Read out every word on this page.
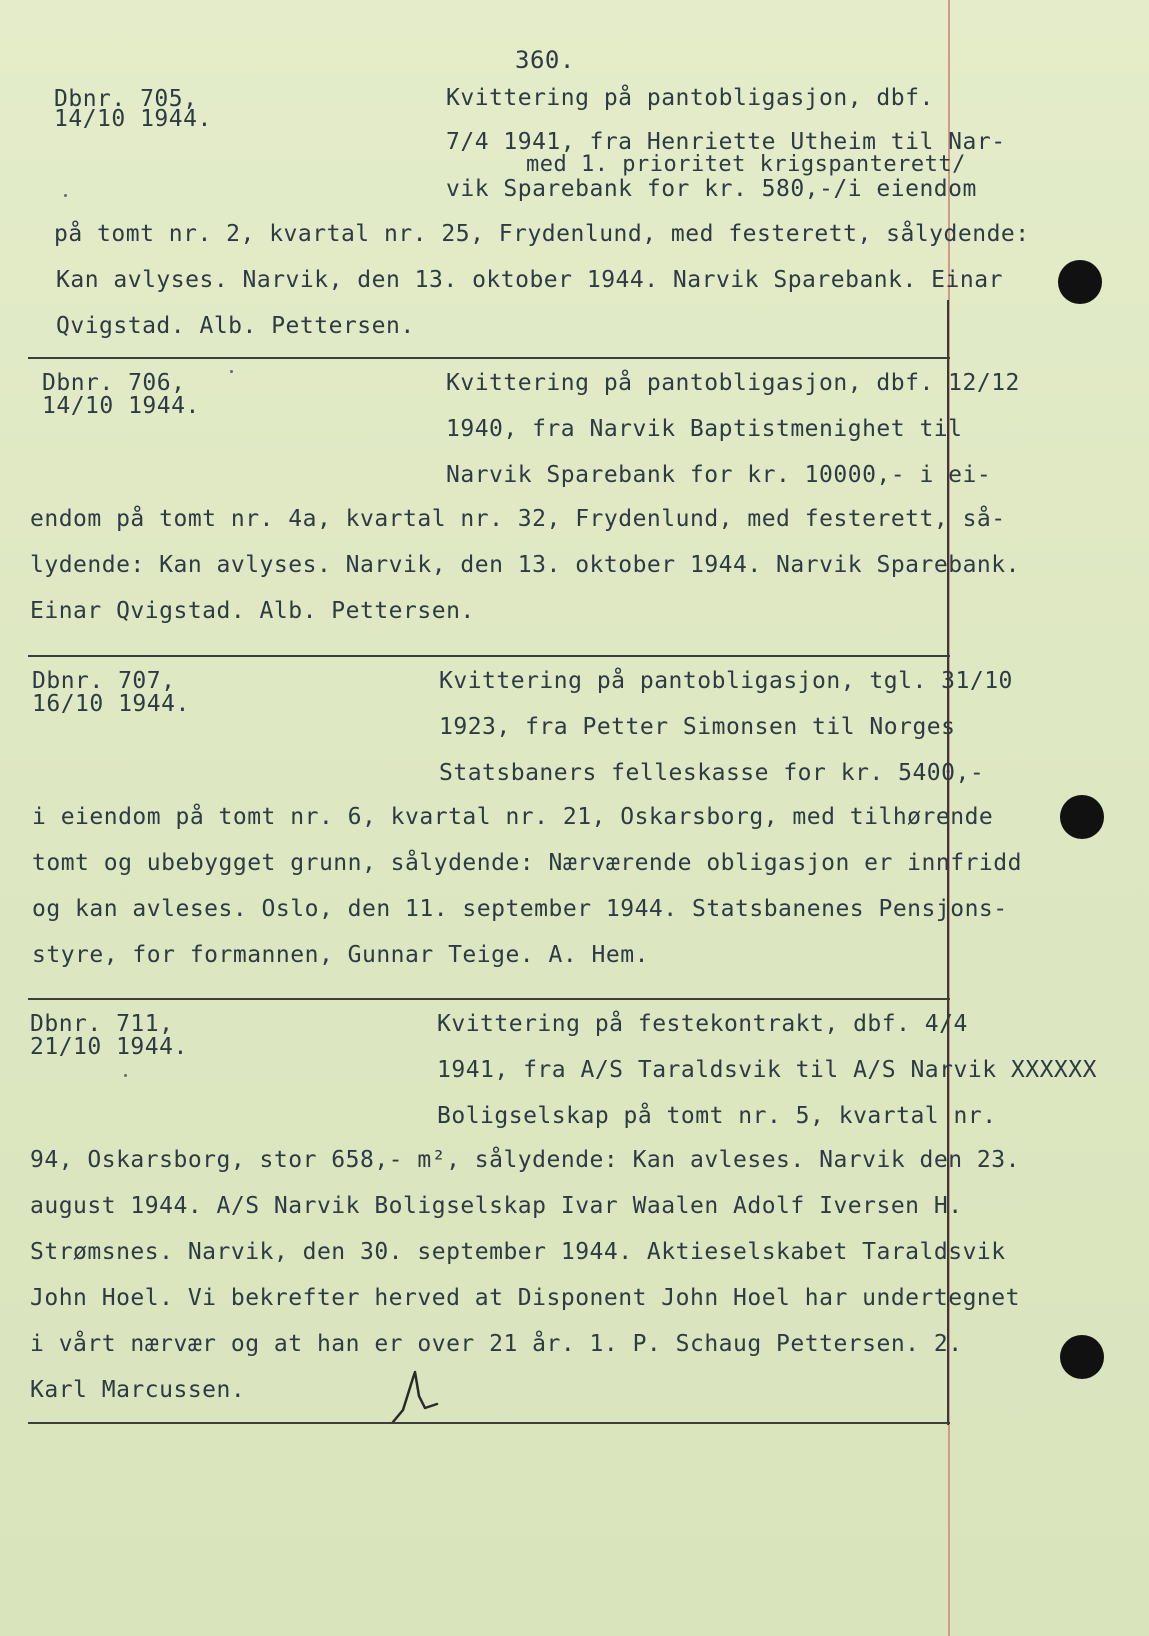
360.
Dbnr. 705,
14/10 1944.
Kvittering på pantobligasjon, dbf.
7/4 1941, fra Henriette Utheim til Nar-
med 1. prioritet krigspanterett/
vik Sparebank for kr. 580,-/i eiendom
på tomt nr. 2, kvartal nr. 25, Frydenlund, med festerett, sålydende:
Kan avlyses. Narvik, den 13. oktober 1944. Narvik Sparebank. Einar
Qvigstad. Alb. Pettersen.
Dbnr. 706,
14/10 1944.
Kvittering på pantobligasjon, dbf. 12/12
1940, fra Narvik Baptistmenighet til
Narvik Sparebank for kr. 10000,- i ei-
endom på tomt nr. 4a, kvartal nr. 32, Frydenlund, med festerett, så-
lydende: Kan avlyses. Narvik, den 13. oktober 1944. Narvik Sparebank.
Einar Qvigstad. Alb. Pettersen.
Dbnr. 707,
16/10 1944.
Kvittering på pantobligasjon, tgl. 31/10
1923, fra Petter Simonsen til Norges
Statsbaners felleskasse for kr. 5400,-
i eiendom på tomt nr. 6, kvartal nr. 21, Oskarsborg, med tilhørende
tomt og ubebygget grunn, sålydende: Nærværende obligasjon er innfridd
og kan avleses. Oslo, den 11. september 1944. Statsbanenes Pensjons-
styre, for formannen, Gunnar Teige. A. Hem.
Dbnr. 711,
21/10 1944.
Kvittering på festekontrakt, dbf. 4/4
1941, fra A/S Taraldsvik til A/S Narvik XXXXXX
Boligselskap på tomt nr. 5, kvartal nr.
94, Oskarsborg, stor 658,- m², sålydende: Kan avleses. Narvik den 23.
august 1944. A/S Narvik Boligselskap Ivar Waalen Adolf Iversen H.
Strømsnes. Narvik, den 30. september 1944. Aktieselskabet Taraldsvik
John Hoel. Vi bekrefter herved at Disponent John Hoel har undertegnet
i vårt nærvær og at han er over 21 år. 1. P. Schaug Pettersen. 2.
Karl Marcussen.
